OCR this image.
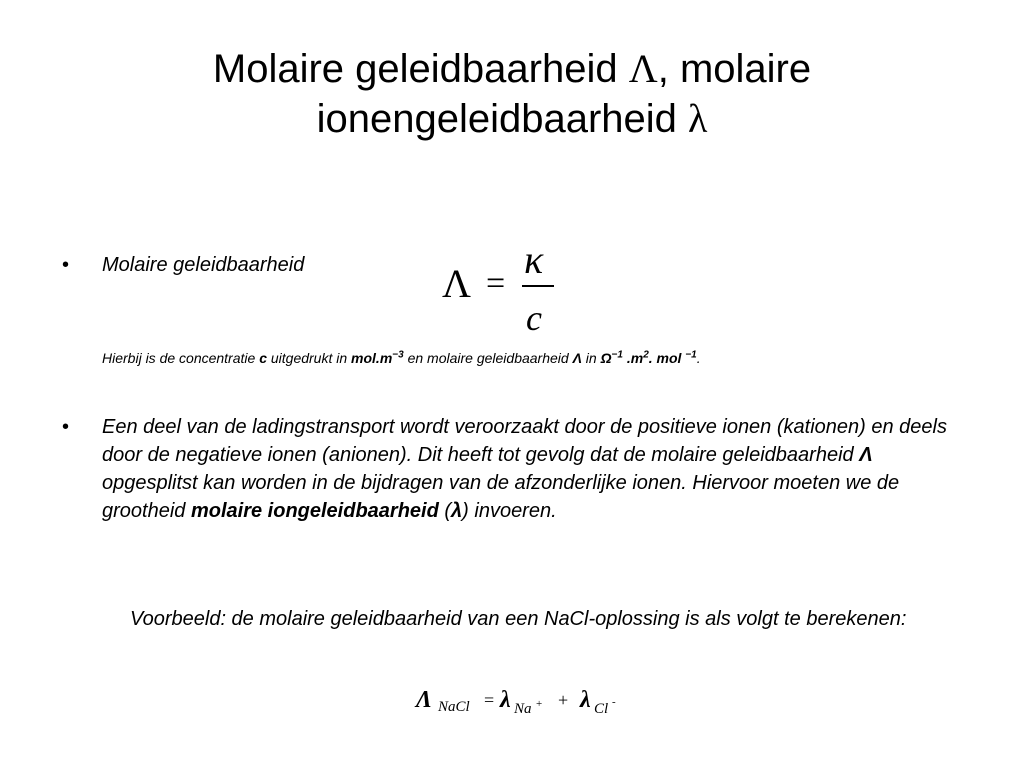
Molaire geleidbaarheid Λ, molaire ionengeleidbaarheid λ
• Molaire geleidbaarheid	Λ =
κ
c
Hierbij is de concentratie c uitgedrukt in $mol.m^{-3}$ en molaire geleidbaarheid Λ in $\Omega^{-1}$ $.m^2$. mol $^{-1}$.
• Een deel van de ladingstransport wordt veroorzaakt door de positieve ionen (kationen) en deels door de negatieve ionen (anionen). Dit heeft tot gevolg dat de molaire geleidbaarheid Λ opgesplitst kan worden in de bijdragen van de afzonderlijke ionen. Hiervoor moeten we de grootheid molaire iongeleidbaarheid (λ) invoeren.
Voorbeeld: de molaire geleidbaarheid van een NaCl-oplossing is als volgt te berekenen:
Λ NaCl = λ Na + + λ Cl -
